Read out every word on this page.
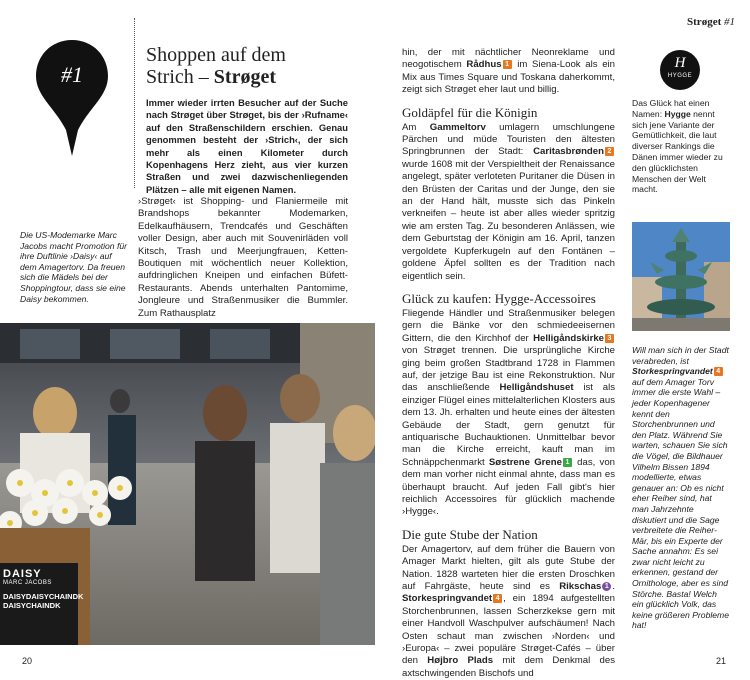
#1
Shoppen auf dem
Strich – Strøget
Immer wieder irrten Besucher auf der Suche nach Strøget über Strøget, bis der ›Rufname‹ auf den Straßenschildern erschien. Genau genommen besteht der ›Strich‹, der sich mehr als einen Kilometer durch Kopenhagens Herz zieht, aus vier kurzen Straßen und zwei dazwischenliegenden Plätzen – alle mit eigenen Namen.
Die US-Modemarke Marc Jacobs macht Promotion für ihre Duftlinie ›Daisy‹ auf dem Amagertorv. Da freuen sich die Mädels bei der Shoppingtour, dass sie eine Daisy bekommen.
›Strøget‹ ist Shopping- und Flaniermeile mit Brandshops bekannter Modemarken, Edelkaufhäusern, Trendcafés und Geschäften voller Design, aber auch mit Souvenirläden voll Kitsch, Trash und Meerjungfrauen, Ketten-Boutiquen mit wöchentlich neuer Kollektion, aufdringlichen Kneipen und einfachen Büfett-Restaurants. Abends unterhalten Pantomime, Jongleure und Straßenmusiker die Bummler. Zum Rathausplatz
DAISY
MARC JACOBS
DAISYDAISYCHAINDK
DAISYCHAINDK
20
Strøget #1

hin, der mit nächtlicher Neonreklame und neogotischem Rådhus 1 im Siena-Look als ein Mix aus Times Square und Toskana daherkommt, zeigt sich Strøget eher laut und billig.

Goldäpfel für die Königin

Am Gammeltorv umlagern umschlungene Pärchen und müde Touristen den ältesten Springbrunnen der Stadt: Caritasbrønden 2 wurde 1608 mit der Verspieltheit der Renaissance angelegt, später verloteten Puritaner die Düsen in den Brüsten der Caritas und der Junge, den sie an der Hand hält, musste sich das Pinkeln verkneifen – heute ist aber alles wieder spritzig wie am ersten Tag. Zu besonderen Anlässen, wie dem Geburtstag der Königin am 16. April, tanzen vergoldete Kupferkugeln auf den Fontänen – goldene Äpfel sollten es der Tradition nach eigentlich sein.

Glück zu kaufen: Hygge-Accessoires

Fliegende Händler und Straßenmusiker belegen gern die Bänke vor den schmiedeeisernen Gittern, die den Kirchhof der Helligåndskirke 3 von Strøget trennen. Die ursprüngliche Kirche ging beim großen Stadtbrand 1728 in Flammen auf, der jetzige Bau ist eine Rekonstruktion. Nur das anschließende Helligåndshuset ist als einziger Flügel eines mittelalterlichen Klosters aus dem 13. Jh. erhalten und heute eines der ältesten Gebäude der Stadt, gern genutzt für antiquarische Buchauktionen. Unmittelbar bevor man die Kirche erreicht, kauft man im Schnäppchenmarkt Søstrene Grene 1 das, von dem man vorher nicht einmal ahnte, dass man es überhaupt braucht. Auf jeden Fall gibt's hier reichlich Accessoires für glücklich machende ›Hygge‹.

Die gute Stube der Nation

Der Amagertorv, auf dem früher die Bauern von Amager Markt hielten, gilt als gute Stube der Nation. 1828 warteten hier die ersten Droschken auf Fahrgäste, heute sind es Rikschas 1 . Storkespringvandet 4 , ein 1894 aufgestellten Storchenbrunnen, lassen Scherzkekse gern mit einer Handvoll Waschpulver aufschäumen! Nach Osten schaut man zwischen ›Norden‹ und ›Europa‹ – zwei populäre Strøget-Cafés – über den Højbro Plads mit dem Denkmal des axtschwingenden Bischofs und

H
HYGGE
Das Glück hat einen Namen: Hygge nennt sich jene Variante der Gemütlichkeit, die laut diverser Rankings die Dänen immer wieder zu den glücklichsten Menschen der Welt macht.
Will man sich in der Stadt verabreden, ist Storkespringvandet 4 auf dem Amager Torv immer die erste Wahl – jeder Kopenhagener kennt den Storchenbrunnen und den Platz. Während Sie warten, schauen Sie sich die Vögel, die Bildhauer Vilhelm Bissen 1894 modellierte, etwas genauer an: Ob es nicht eher Reiher sind, hat man Jahrzehnte diskutiert und die Sage verbreitete die Reiher-Mär, bis ein Experte der Sache annahm: Es sei zwar nicht leicht zu erkennen, gestand der Ornithologe, aber es sind Störche. Basta! Welch ein glücklich Volk, das keine größeren Probleme hat!
21
